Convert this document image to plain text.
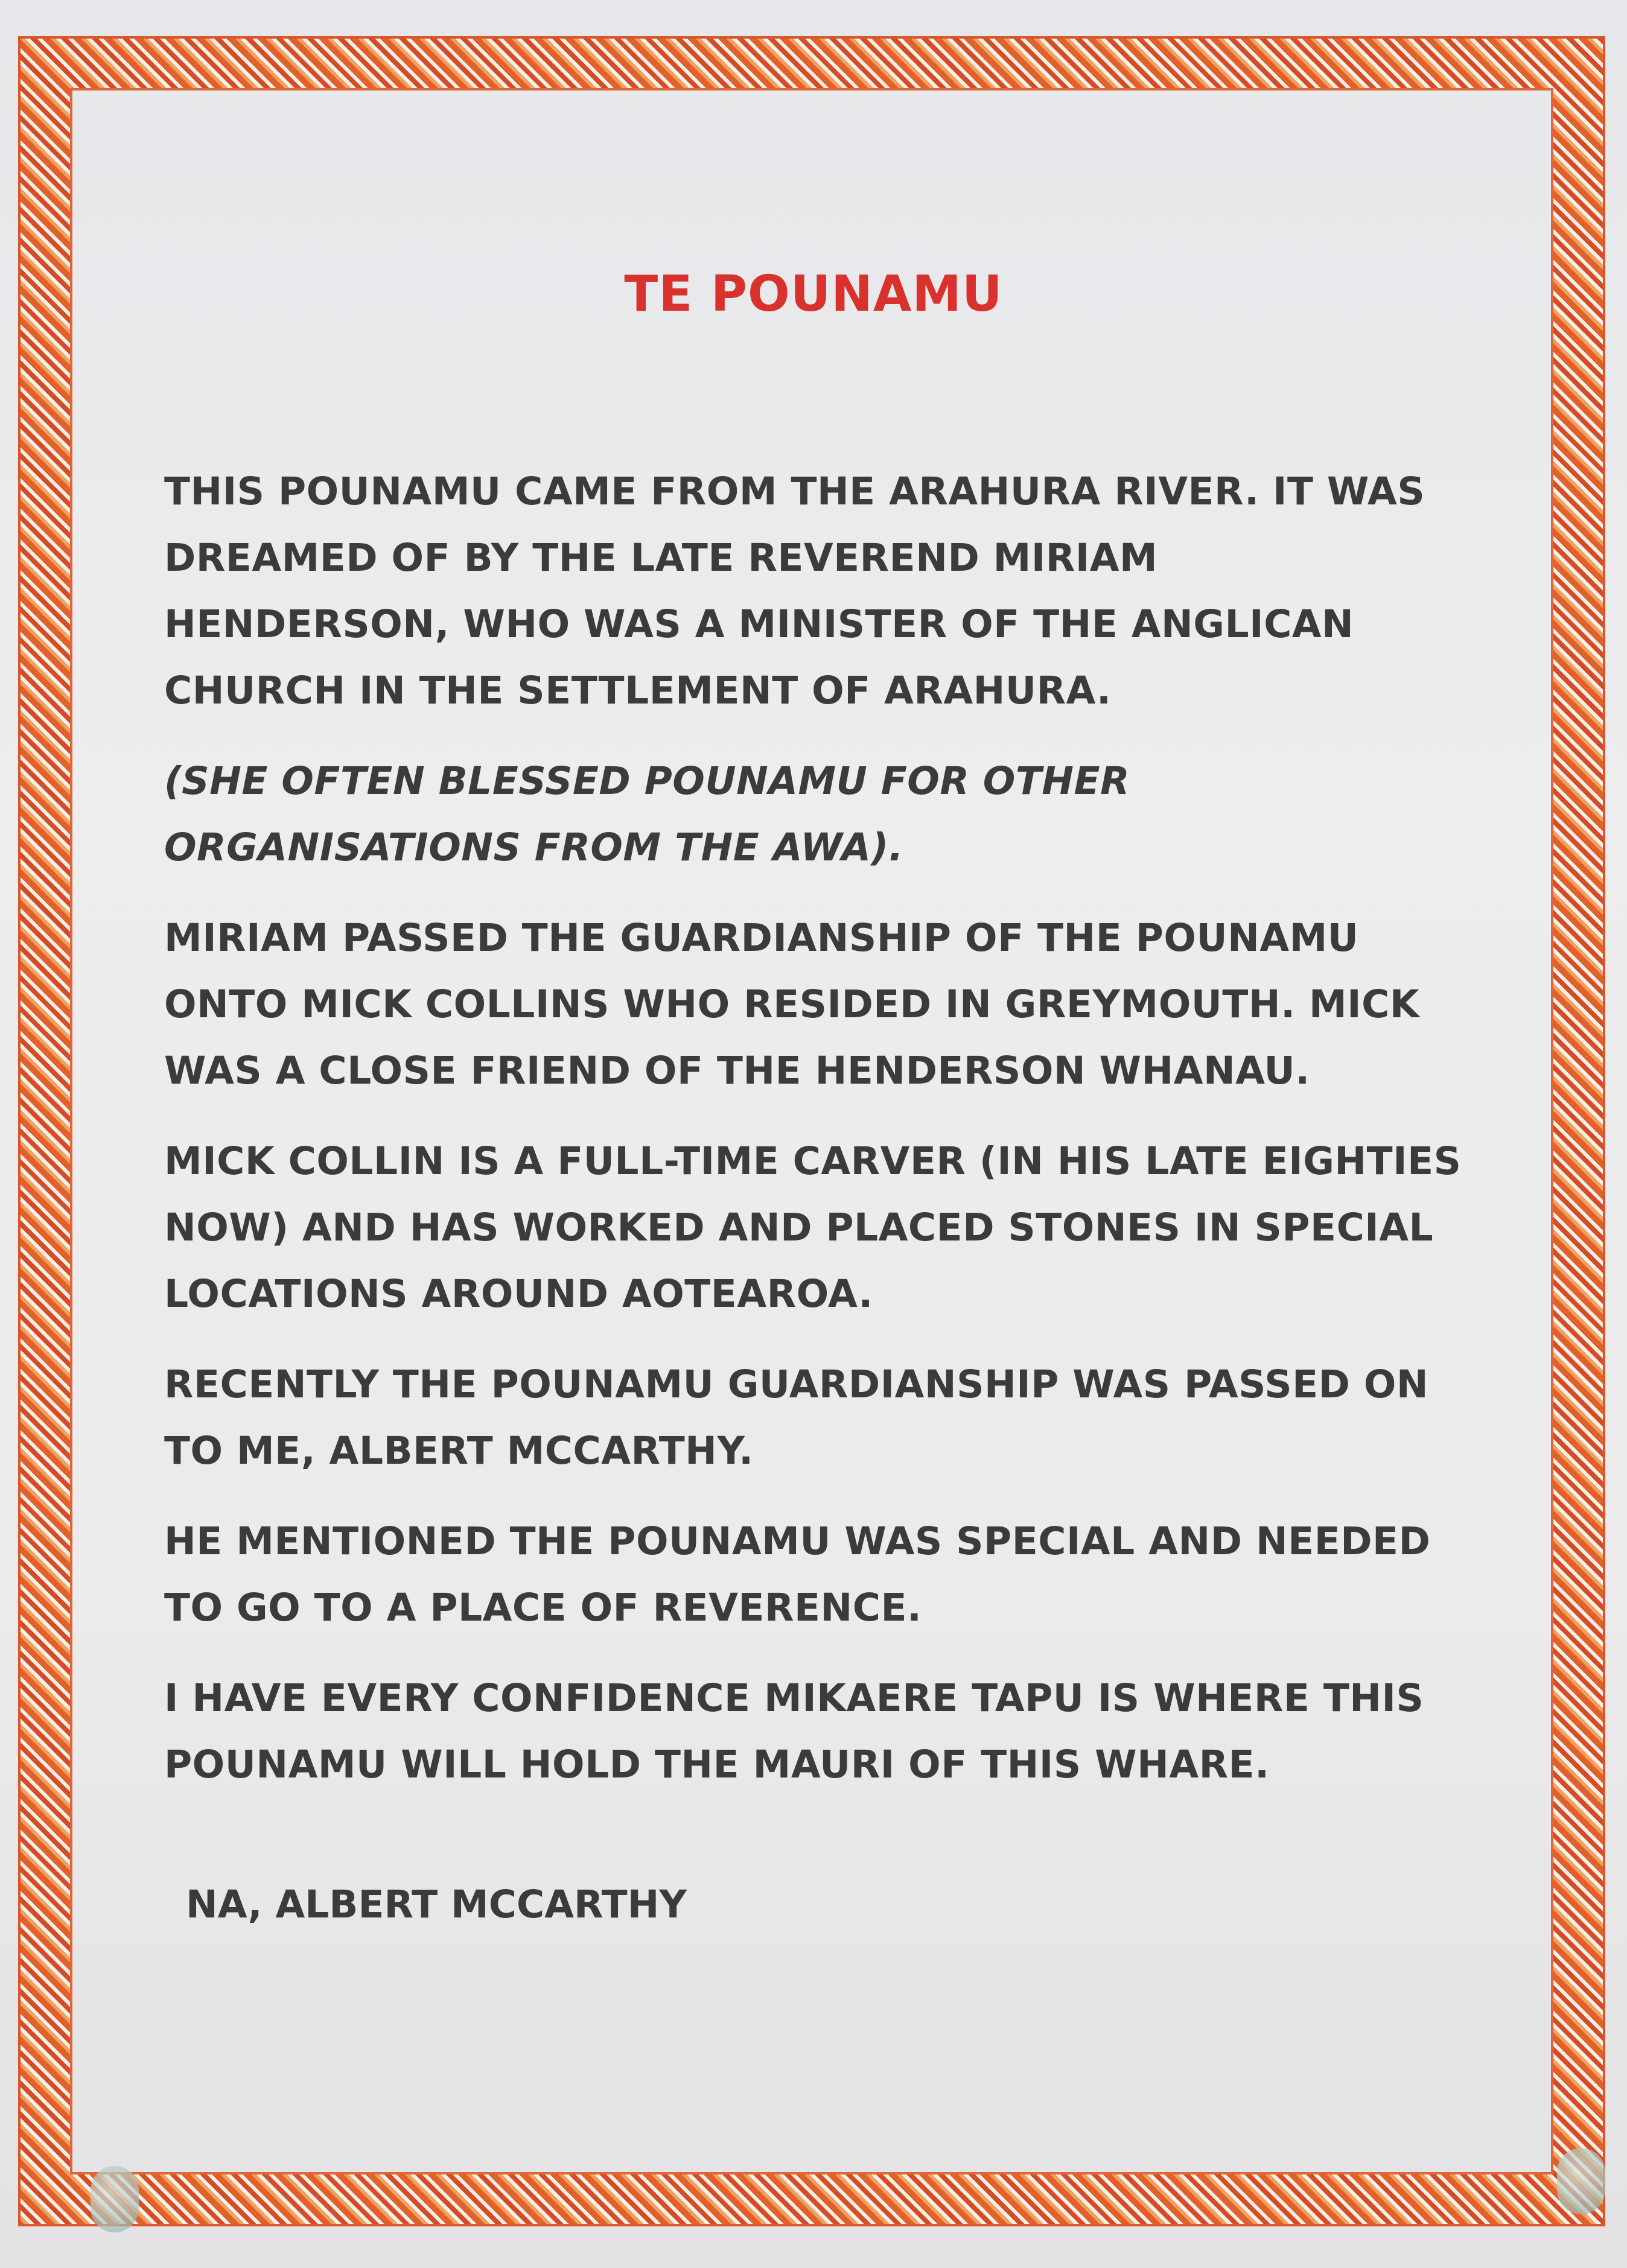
TE POUNAMU
THIS POUNAMU CAME FROM THE ARAHURA RIVER. IT WAS
DREAMED OF BY THE LATE REVEREND MIRIAM
HENDERSON, WHO WAS A MINISTER OF THE ANGLICAN
CHURCH IN THE SETTLEMENT OF ARAHURA.
(SHE OFTEN BLESSED POUNAMU FOR OTHER
ORGANISATIONS FROM THE AWA).
MIRIAM PASSED THE GUARDIANSHIP OF THE POUNAMU
ONTO MICK COLLINS WHO RESIDED IN GREYMOUTH. MICK
WAS A CLOSE FRIEND OF THE HENDERSON WHANAU.
MICK COLLIN IS A FULL-TIME CARVER (IN HIS LATE EIGHTIES
NOW) AND HAS WORKED AND PLACED STONES IN SPECIAL
LOCATIONS AROUND AOTEAROA.
RECENTLY THE POUNAMU GUARDIANSHIP WAS PASSED ON
TO ME, ALBERT MCCARTHY.
HE MENTIONED THE POUNAMU WAS SPECIAL AND NEEDED
TO GO TO A PLACE OF REVERENCE.
I HAVE EVERY CONFIDENCE MIKAERE TAPU IS WHERE THIS
POUNAMU WILL HOLD THE MAURI OF THIS WHARE.
NA, ALBERT MCCARTHY
